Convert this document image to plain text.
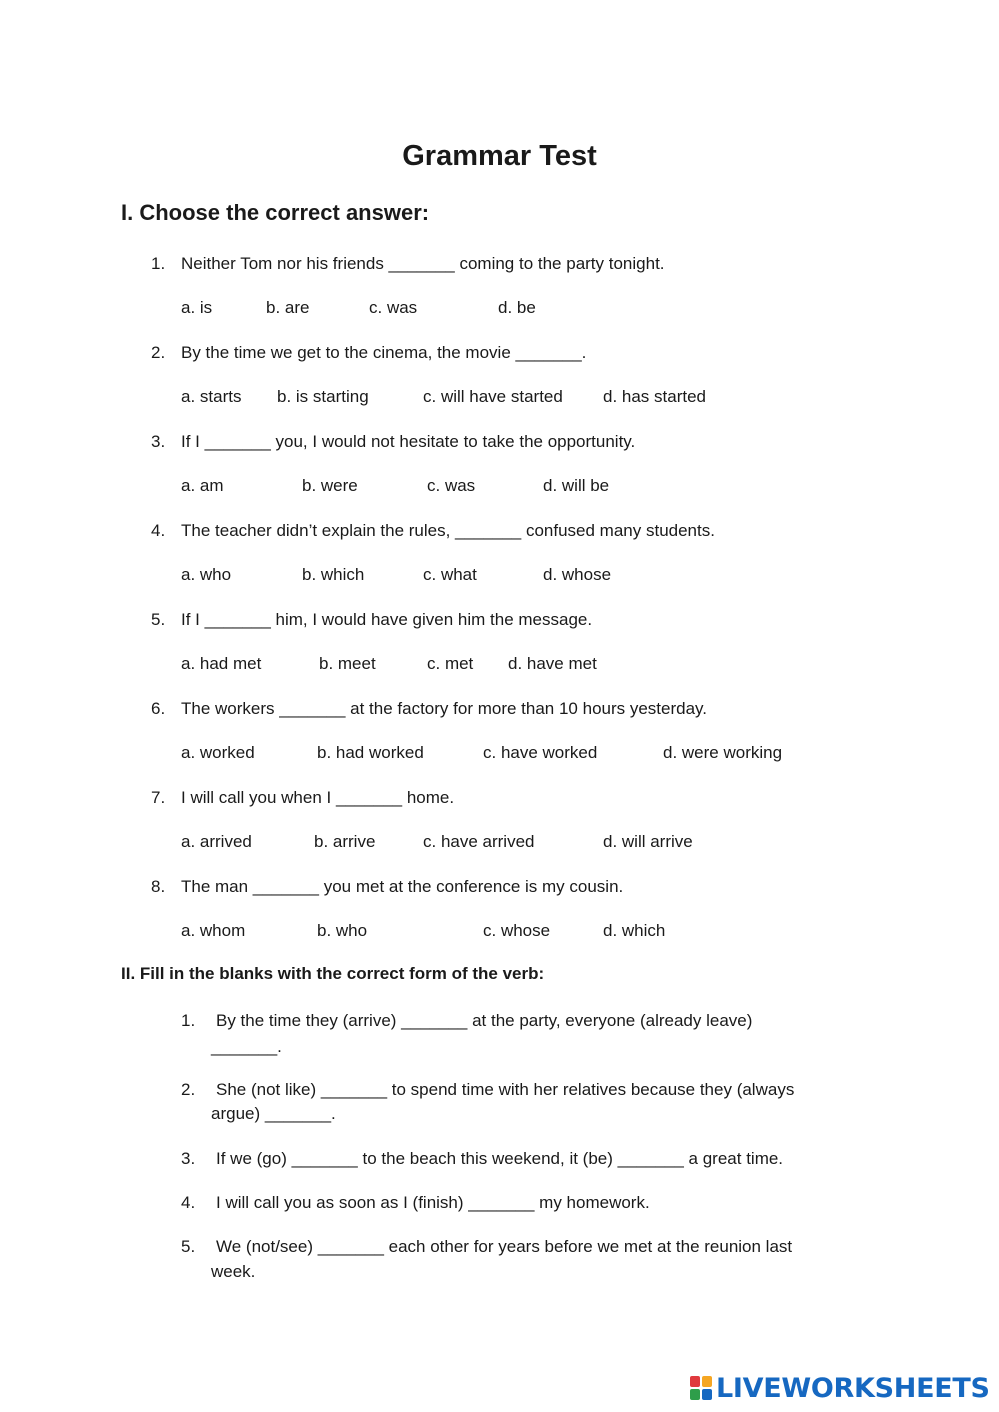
Grammar Test
I. Choose the correct answer:
1. Neither Tom nor his friends _______ coming to the party tonight.
a. is	b. are	c. was	d. be
2. By the time we get to the cinema, the movie _______.
a. starts b. is starting	c. will have started d. has started
3. If I _______ you, I would not hesitate to take the opportunity.
a. am	b. were	c. was	d. will be
4. The teacher didn’t explain the rules, _______ confused many students.
a. who	b. which	c. what	d. whose
5. If I _______ him, I would have given him the message.
a. had met	b. meet	c. met d. have met
6. The workers _______ at the factory for more than 10 hours yesterday.
a. worked	b. had worked	c. have worked	d. were working
7. I will call you when I _______ home.
a. arrived	b. arrive	c. have arrived	d. will arrive
8. The man _______ you met at the conference is my cousin.
a. whom	b. who	c. whose	d. which
II. Fill in the blanks with the correct form of the verb:
1. By the time they (arrive) _______ at the party, everyone (already leave)
_______.
2. She (not like) _______ to spend time with her relatives because they (always
argue) _______.
3. If we (go) _______ to the beach this weekend, it (be) _______ a great time.
4. I will call you as soon as I (finish) _______ my homework.
5. We (not/see) _______ each other for years before we met at the reunion last
week.
LIVEWORKSHEETS
